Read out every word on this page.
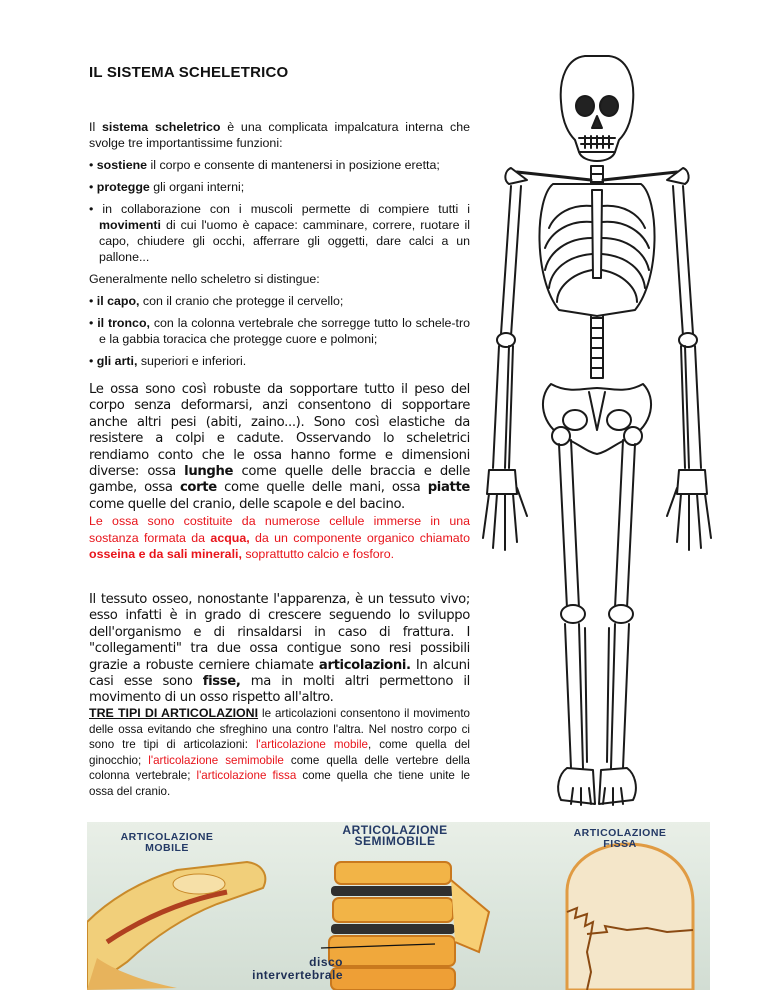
IL SISTEMA SCHELETRICO

Il sistema scheletrico è una complicata impalcatura interna che svolge tre importantissime funzioni:

• sostiene il corpo e consente di mantenersi in posizione eretta;

• protegge gli organi interni;

• in collaborazione con i muscoli permette di compiere tutti i movimenti di cui l'uomo è capace: camminare, correre, ruotare il capo, chiudere gli occhi, afferrare gli oggetti, dare calci a un pallone...

Generalmente nello scheletro si distingue:

• il capo, con il cranio che protegge il cervello;

• il tronco, con la colonna vertebrale che sorregge tutto lo schele-tro e la gabbia toracica che protegge cuore e polmoni;

• gli arti, superiori e inferiori.

Le ossa sono così robuste da sopportare tutto il peso del corpo senza deformarsi, anzi consentono di sopportare anche altri pesi (abiti, zaino...). Sono così elastiche da resistere a colpi e cadute. Osservando lo scheletrici rendiamo conto che le ossa hanno forme e dimensioni diverse: ossa lunghe come quelle delle braccia e delle gambe, ossa corte come quelle delle mani, ossa piatte come quelle del cranio, delle scapole e del bacino.
Le ossa sono costituite da numerose cellule immerse in una sostanza formata da acqua, da un componente organico chiamato osseina e da sali minerali, soprattutto calcio e fosforo.
Il tessuto osseo, nonostante l'apparenza, è un tessuto vivo; esso infatti è in grado di crescere seguendo lo sviluppo dell'organismo e di rinsaldarsi in caso di frattura. I "collegamenti" tra due ossa contigue sono resi possibili grazie a robuste cerniere chiamate articolazioni. In alcuni casi esse sono fisse, ma in molti altri permettono il movimento di un osso rispetto all'altro.
TRE TIPI DI ARTICOLAZIONI le articolazioni consentono il movimento delle ossa evitando che sfreghino una contro l'altra. Nel nostro corpo ci sono tre tipi di articolazioni: l'articolazione mobile, come quella del ginocchio; l'articolazione semimobile come quella delle vertebre della colonna vertebrale; l'articolazione fissa come quella che tiene unite le ossa del cranio.
ARTICOLAZIONE
MOBILE
ARTICOLAZIONE
SEMIMOBILE
ARTICOLAZIONE
FISSA
disco
intervertebrale
